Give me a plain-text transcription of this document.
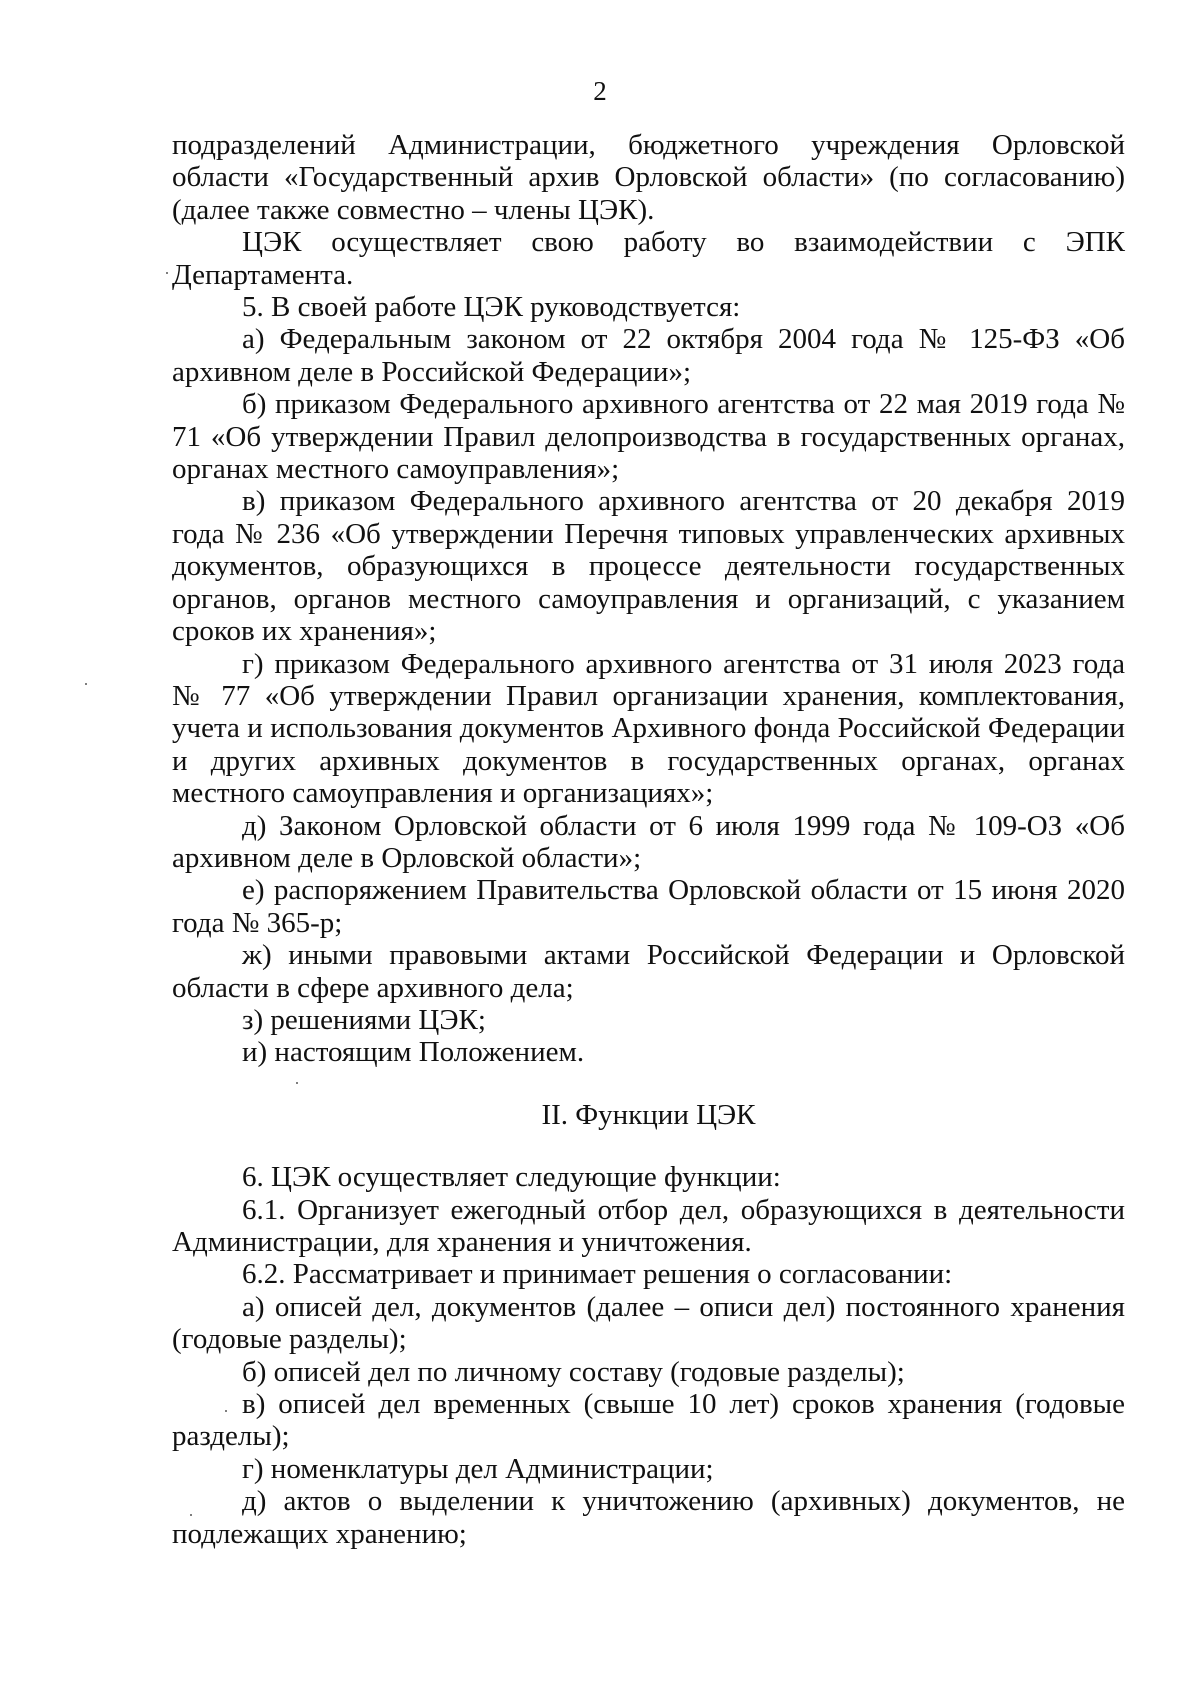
2

подразделений Администрации, бюджетного учреждения Орловской области «Государственный архив Орловской области» (по согласованию) (далее также совместно – члены ЦЭК).

ЦЭК осуществляет свою работу во взаимодействии с ЭПК Департамента.

5. В своей работе ЦЭК руководствуется:

а) Федеральным законом от 22 октября 2004 года № 125-ФЗ «Об архивном деле в Российской Федерации»;

б) приказом Федерального архивного агентства от 22 мая 2019 года № 71 «Об утверждении Правил делопроизводства в государственных органах, органах местного самоуправления»;

в) приказом Федерального архивного агентства от 20 декабря 2019 года № 236 «Об утверждении Перечня типовых управленческих архивных документов, образующихся в процессе деятельности государственных органов, органов местного самоуправления и организаций, с указанием сроков их хранения»;

г) приказом Федерального архивного агентства от 31 июля 2023 года № 77 «Об утверждении Правил организации хранения, комплектования, учета и использования документов Архивного фонда Российской Федерации и других архивных документов в государственных органах, органах местного самоуправления и организациях»;

д) Законом Орловской области от 6 июля 1999 года № 109-ОЗ «Об архивном деле в Орловской области»;

е) распоряжением Правительства Орловской области от 15 июня 2020 года № 365-р;

ж) иными правовыми актами Российской Федерации и Орловской области в сфере архивного дела;

з) решениями ЦЭК;

и) настоящим Положением.

II. Функции ЦЭК

6. ЦЭК осуществляет следующие функции:

6.1. Организует ежегодный отбор дел, образующихся в деятельности Администрации, для хранения и уничтожения.

6.2. Рассматривает и принимает решения о согласовании:

а) описей дел, документов (далее – описи дел) постоянного хранения (годовые разделы);

б) описей дел по личному составу (годовые разделы);

в) описей дел временных (свыше 10 лет) сроков хранения (годовые разделы);

г) номенклатуры дел Администрации;

д) актов о выделении к уничтожению (архивных) документов, не подлежащих хранению;
